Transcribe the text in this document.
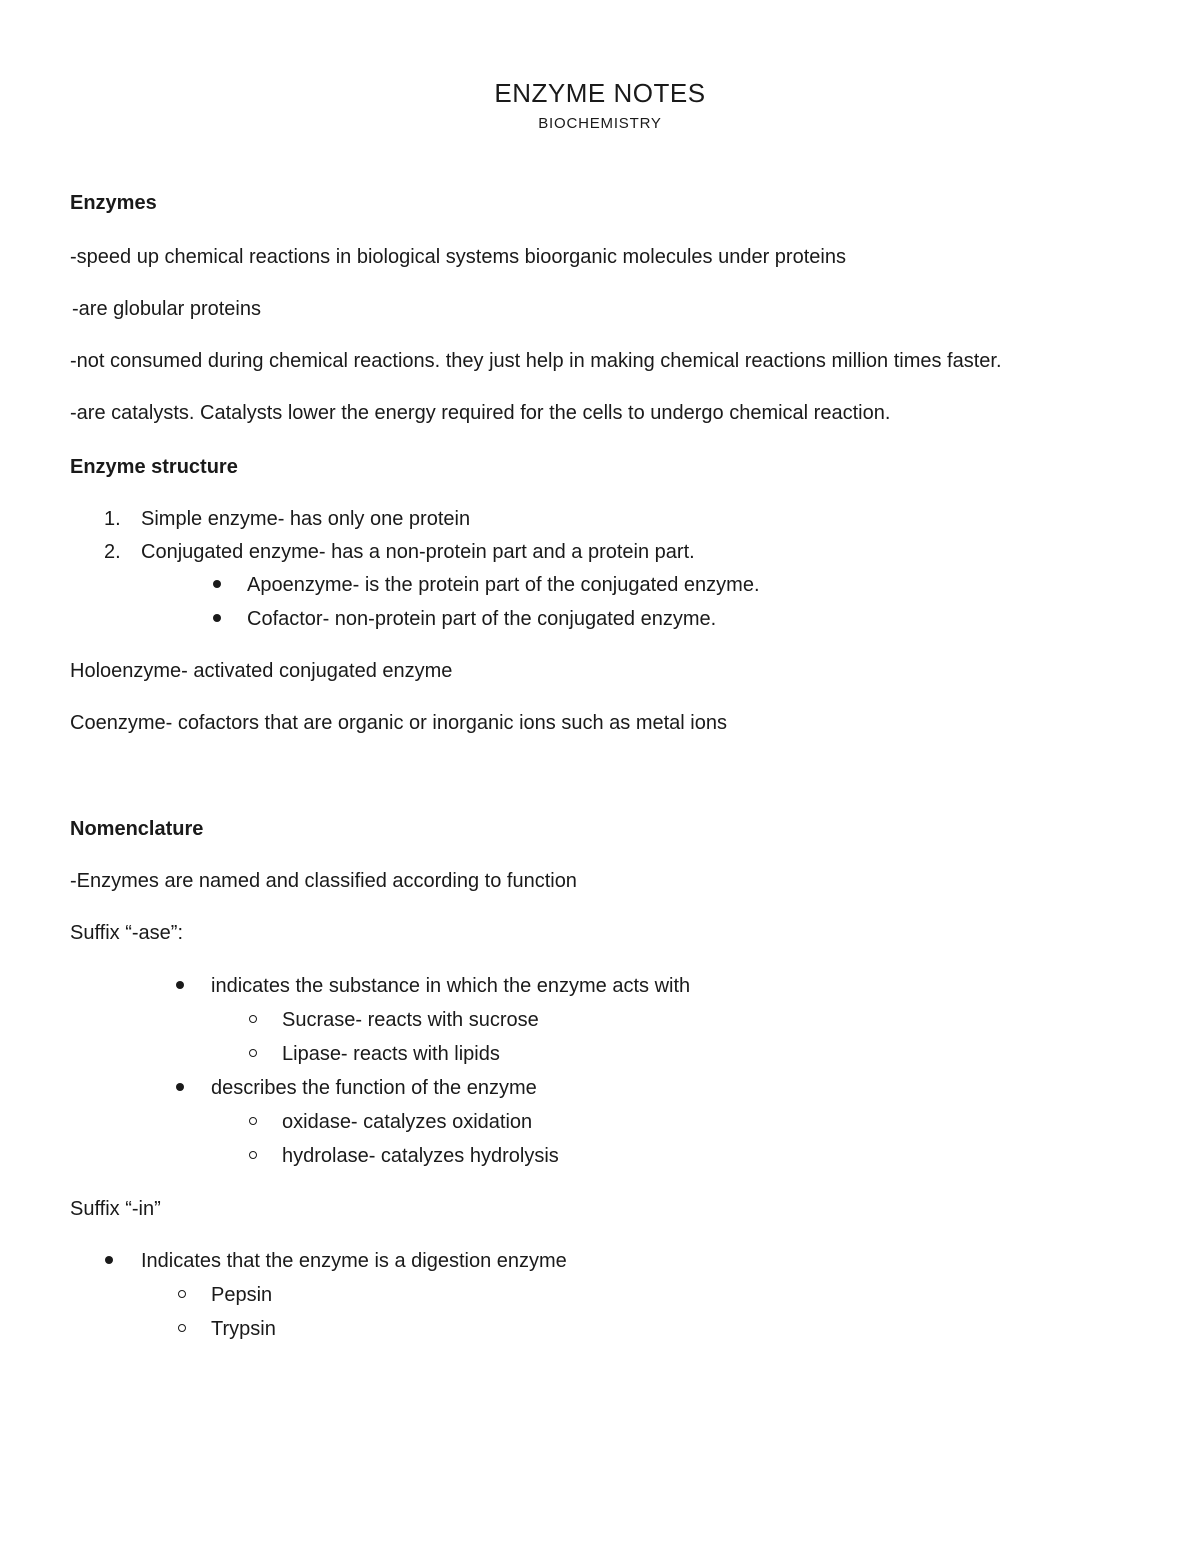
ENZYME NOTES
BIOCHEMISTRY
Enzymes
-speed up chemical reactions in biological systems bioorganic molecules under proteins
-are globular proteins
-not consumed during chemical reactions. they just help in making chemical reactions million times faster.
-are catalysts. Catalysts lower the energy required for the cells to undergo chemical reaction.
Enzyme structure
1. Simple enzyme- has only one protein
2. Conjugated enzyme- has a non-protein part and a protein part.
Apoenzyme- is the protein part of the conjugated enzyme.
Cofactor- non-protein part of the conjugated enzyme.
Holoenzyme- activated conjugated enzyme
Coenzyme- cofactors that are organic or inorganic ions such as metal ions
Nomenclature
-Enzymes are named and classified according to function
Suffix “-ase”:
indicates the substance in which the enzyme acts with
Sucrase- reacts with sucrose
Lipase- reacts with lipids
describes the function of the enzyme
oxidase- catalyzes oxidation
hydrolase- catalyzes hydrolysis
Suffix “-in”
Indicates that the enzyme is a digestion enzyme
Pepsin
Trypsin
